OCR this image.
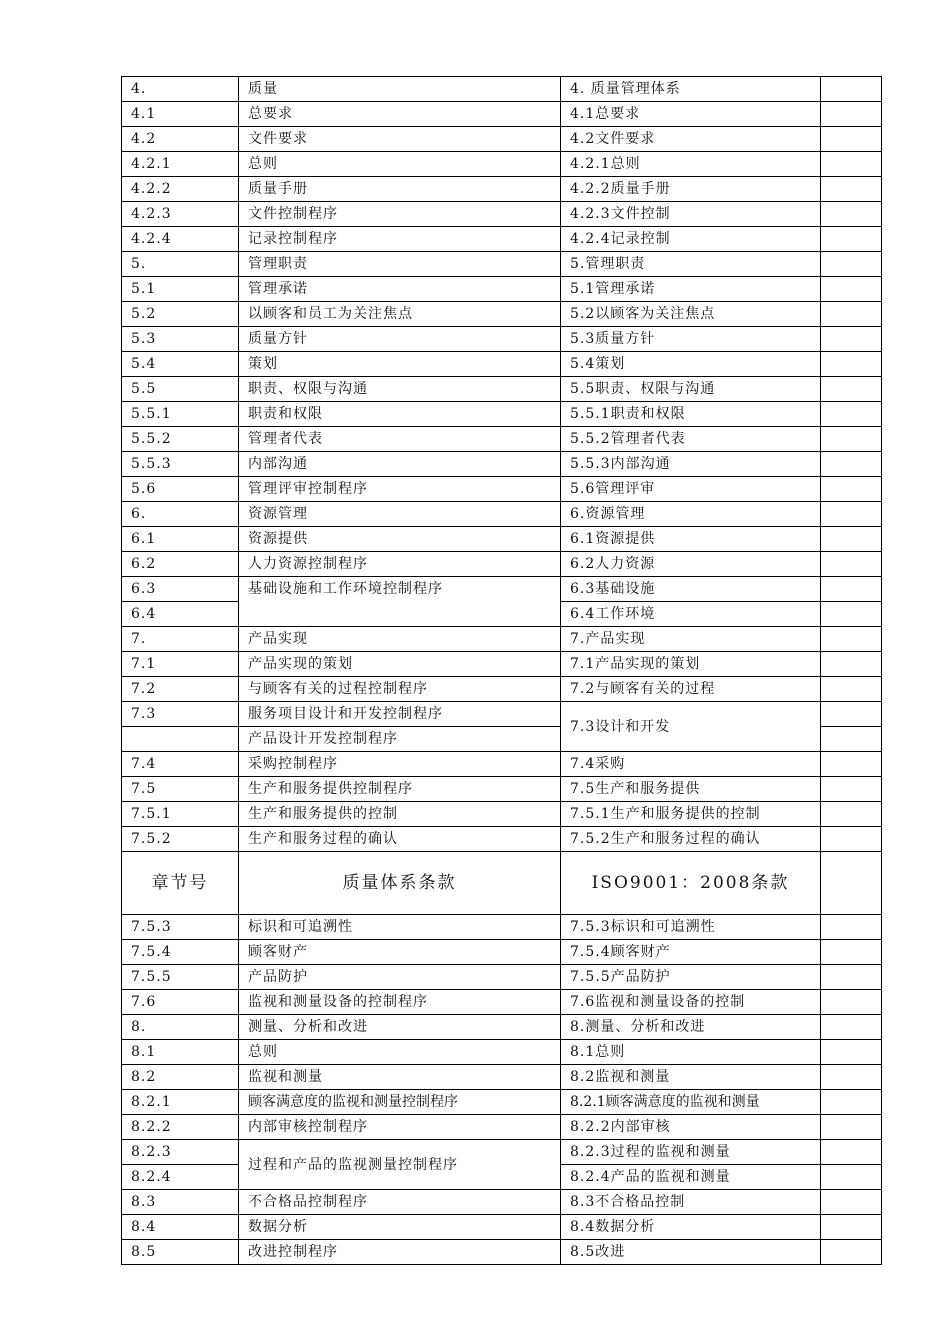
4.	质量	4. 质量管理体系	
4.1	总要求	4.1总要求	
4.2	文件要求	4.2文件要求	
4.2.1	总则	4.2.1总则	
4.2.2	质量手册	4.2.2质量手册	
4.2.3	文件控制程序	4.2.3文件控制	
4.2.4	记录控制程序	4.2.4记录控制	
5.	管理职责	5.管理职责	
5.1	管理承诺	5.1管理承诺	
5.2	以顾客和员工为关注焦点	5.2以顾客为关注焦点	
5.3	质量方针	5.3质量方针	
5.4	策划	5.4策划	
5.5	职责、权限与沟通	5.5职责、权限与沟通	
5.5.1	职责和权限	5.5.1职责和权限	
5.5.2	管理者代表	5.5.2管理者代表	
5.5.3	内部沟通	5.5.3内部沟通	
5.6	管理评审控制程序	5.6管理评审	
6.	资源管理	6.资源管理	
6.1	资源提供	6.1资源提供	
6.2	人力资源控制程序	6.2人力资源	
6.3	基础设施和工作环境控制程序	6.3基础设施	
6.4		6.4工作环境	
7.	产品实现	7.产品实现	
7.1	产品实现的策划	7.1产品实现的策划	
7.2	与顾客有关的过程控制程序	7.2与顾客有关的过程	
7.3	服务项目设计和开发控制程序	7.3设计和开发	
	产品设计开发控制程序		
7.4	采购控制程序	7.4采购	
7.5	生产和服务提供控制程序	7.5生产和服务提供	
7.5.1	生产和服务提供的控制	7.5.1生产和服务提供的控制	
7.5.2	生产和服务过程的确认	7.5.2生产和服务过程的确认	
章节号	质量体系条款	ISO9001：2008条款	
7.5.3	标识和可追溯性	7.5.3标识和可追溯性	
7.5.4	顾客财产	7.5.4顾客财产	
7.5.5	产品防护	7.5.5产品防护	
7.6	监视和测量设备的控制程序	7.6监视和测量设备的控制	
8.	测量、分析和改进	8.测量、分析和改进	
8.1	总则	8.1总则	
8.2	监视和测量	8.2监视和测量	
8.2.1	顾客满意度的监视和测量控制程序	8.2.1顾客满意度的监视和测量	
8.2.2	内部审核控制程序	8.2.2内部审核	
8.2.3	过程和产品的监视测量控制程序	8.2.3过程的监视和测量	
8.2.4		8.2.4产品的监视和测量	
8.3	不合格品控制程序	8.3不合格品控制	
8.4	数据分析	8.4数据分析	
8.5	改进控制程序	8.5改进	
